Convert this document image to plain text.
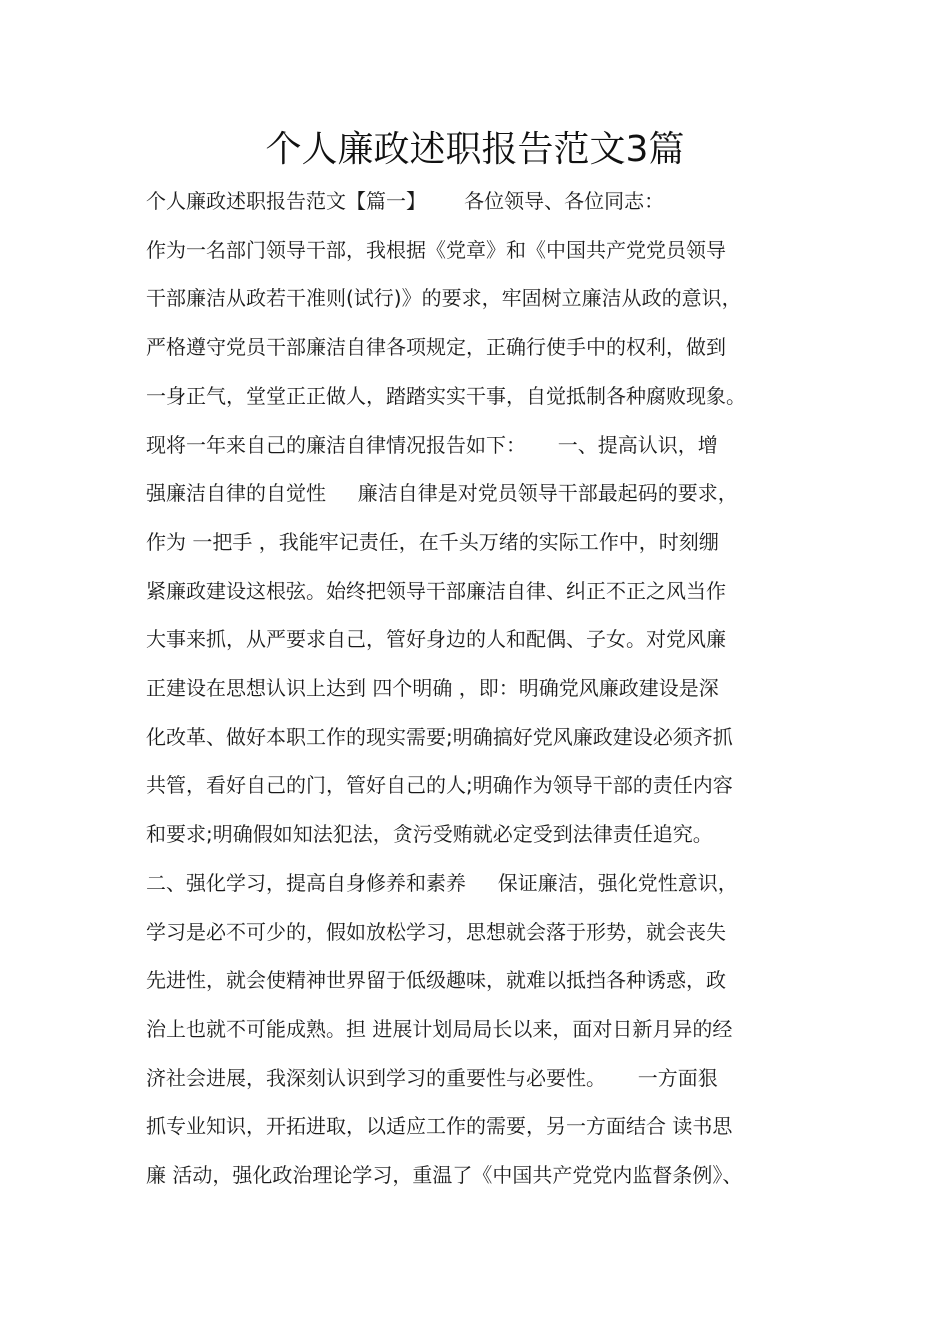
个人廉政述职报告范文3篇
个人廉政述职报告范文【篇一】      各位领导、各位同志：
作为一名部门领导干部，我根据《党章》和《中国共产党党员领导
干部廉洁从政若干准则(试行)》的要求，牢固树立廉洁从政的意识，
严格遵守党员干部廉洁自律各项规定，正确行使手中的权利，做到
一身正气，堂堂正正做人，踏踏实实干事，自觉抵制各种腐败现象。
现将一年来自己的廉洁自律情况报告如下：     一、提高认识，增
强廉洁自律的自觉性     廉洁自律是对党员领导干部最起码的要求，
作为 一把手 ，我能牢记责任，在千头万绪的实际工作中，时刻绷
紧廉政建设这根弦。始终把领导干部廉洁自律、纠正不正之风当作
大事来抓，从严要求自己，管好身边的人和配偶、子女。对党风廉
正建设在思想认识上达到 四个明确 ，即：明确党风廉政建设是深
化改革、做好本职工作的现实需要;明确搞好党风廉政建设必须齐抓
共管，看好自己的门，管好自己的人;明确作为领导干部的责任内容
和要求;明确假如知法犯法，贪污受贿就必定受到法律责任追究。
二、强化学习，提高自身修养和素养     保证廉洁，强化党性意识，
学习是必不可少的，假如放松学习，思想就会落于形势，就会丧失
先进性，就会使精神世界留于低级趣味，就难以抵挡各种诱惑，政
治上也就不可能成熟。担 进展计划局局长以来，面对日新月异的经
济社会进展，我深刻认识到学习的重要性与必要性。     一方面狠
抓专业知识，开拓进取，以适应工作的需要，另一方面结合 读书思
廉 活动，强化政治理论学习，重温了《中国共产党党内监督条例》、
